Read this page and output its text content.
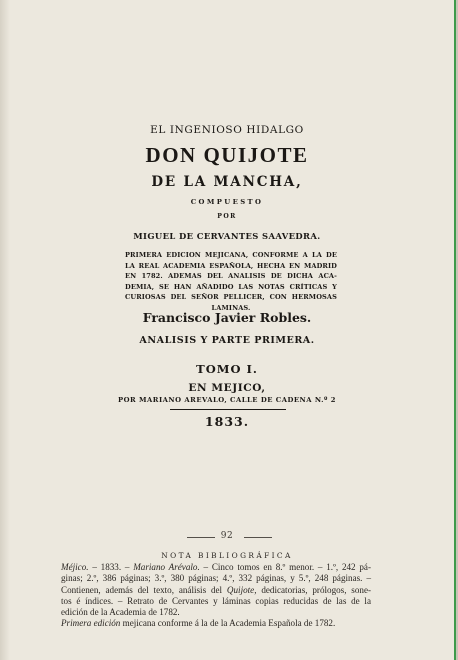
EL INGENIOSO HIDALGO
DON QUIJOTE
DE LA MANCHA,
COMPUESTO
POR
MIGUEL DE CERVANTES SAAVEDRA.
PRIMERA EDICION MEJICANA, CONFORME A LA DE
LA REAL ACADEMIA ESPAÑOLA, HECHA EN MADRID
EN 1782. ADEMAS DEL ANALISIS DE DICHA ACA-
DEMIA, SE HAN AÑADIDO LAS NOTAS CRÍTICAS Y
CURIOSAS DEL SEÑOR PELLICER, CON HERMOSAS
LAMINAS.
Francisco Javier Robles.
ANALISIS Y PARTE PRIMERA.
TOMO I.
EN MEJICO,
POR MARIANO AREVALO, CALLE DE CADENA N.º 2
1833.
92
NOTA BIBLIOGRÁFICA
Méjico. – 1833. – Mariano Arévalo. – Cinco tomos en 8.º menor. – 1.º, 242 pá-
ginas; 2.º, 386 páginas; 3.º, 380 páginas; 4.º, 332 páginas, y 5.º, 248 páginas. –
Contienen, además del texto, análisis del Quijote, dedicatorias, prólogos, sone-
tos é índices. – Retrato de Cervantes y láminas copias reducidas de las de la
edición de la Academia de 1782.
Primera edición mejicana conforme á la de la Academia Española de 1782.
